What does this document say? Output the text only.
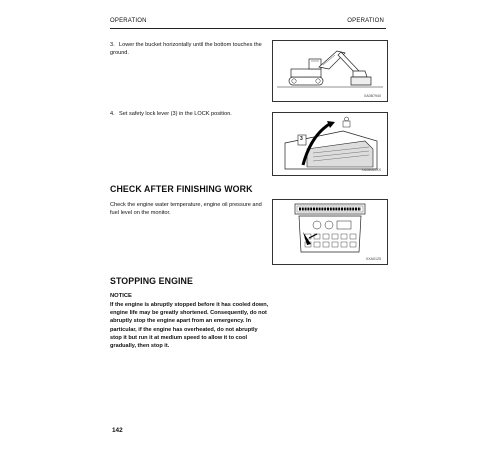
OPERATION	OPERATION
3. Lower the bucket horizontally until the bottom touches the ground.
XA0B7940
4. Set safety lock lever (3) in the LOCK position.
3
XA08060XX
CHECK AFTER FINISHING WORK
Check the engine water temperature, engine oil pressure and fuel level on the monitor.
XXA0125
STOPPING ENGINE
NOTICE
If the engine is abruptly stopped before it has cooled down, engine life may be greatly shortened. Consequently, do not abruptly stop the engine apart from an emergency. In particular, if the engine has overheated, do not abruptly stop it but run it at medium speed to allow it to cool gradually, then stop it.
142
